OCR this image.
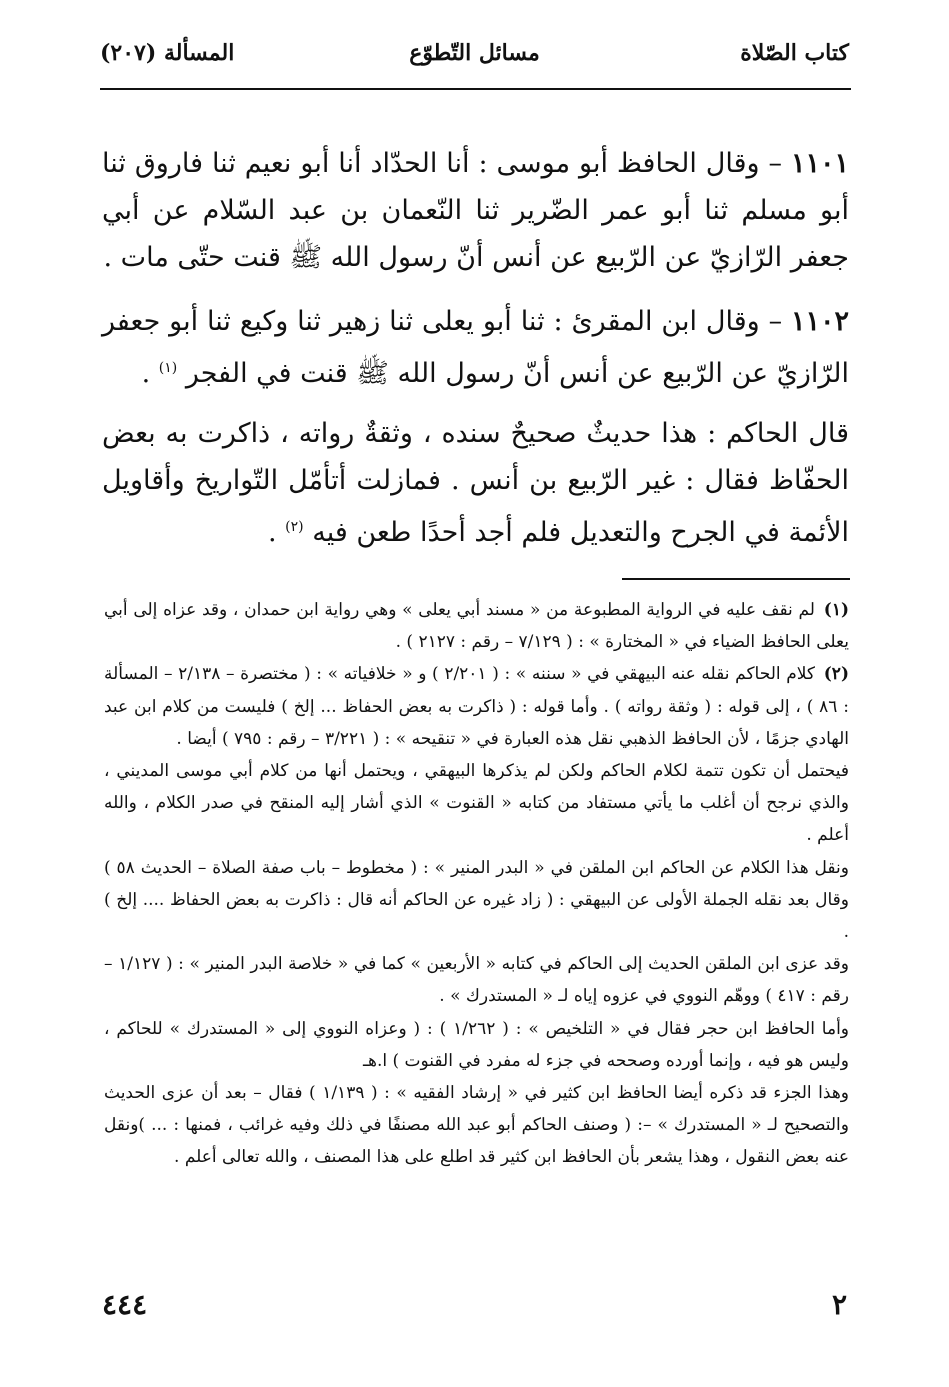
كتاب الصّلاة
مسائل التّطوّع
المسألة (٢٠٧)

١١٠١ – وقال الحافظ أبو موسى : أنا الحدّاد أنا أبو نعيم ثنا فاروق ثنا أبو مسلم ثنا أبو عمر الضّرير ثنا النّعمان بن عبد السّلام عن أبي جعفر الرّازيّ عن الرّبيع عن أنس أنّ رسول الله ﷺ قنت حتّى مات .

١١٠٢ – وقال ابن المقرئ : ثنا أبو يعلى ثنا زهير ثنا وكيع ثنا أبو جعفر الرّازيّ عن الرّبيع عن أنس أنّ رسول الله ﷺ قنت في الفجر $^{(١)}$ .

قال الحاكم : هذا حديثٌ صحيحٌ سنده ، وثقةٌ رواته ، ذاكرت به بعض الحفّاظ فقال : غير الرّبيع بن أنس . فمازلت أتأمّل التّواريخ وأقاويل الأئمة في الجرح والتعديل فلم أجد أحدًا طعن فيه $^{(٢)}$ .

(١)لم نقف عليه في الرواية المطبوعة من « مسند أبي يعلى » وهي رواية ابن حمدان ، وقد عزاه إلى أبي يعلى الحافظ الضياء في « المختارة » : ( ٧/١٢٩ – رقم : ٢١٢٧ ) .

(٢)كلام الحاكم نقله عنه البيهقي في « سننه » : ( ٢/٢٠١ ) و « خلافياته » : ( مختصرة – ٢/١٣٨ – المسألة : ٨٦ ) ، إلى قوله : ( وثقة رواته ) . وأما قوله : ( ذاكرت به بعض الحفاظ ... إلخ ) فليست من كلام ابن عبد الهادي جزمًا ، لأن الحافظ الذهبي نقل هذه العبارة في « تنقيحه » : ( ٣/٢٢١ – رقم : ٧٩٥ ) أيضا .

فيحتمل أن تكون تتمة لكلام الحاكم ولكن لم يذكرها البيهقي ، ويحتمل أنها من كلام أبي موسى المديني ، والذي نرجح أن أغلب ما يأتي مستفاد من كتابه « القنوت » الذي أشار إليه المنقح في صدر الكلام ، والله أعلم .

ونقل هذا الكلام عن الحاكم ابن الملقن في « البدر المنير » : ( مخطوط – باب صفة الصلاة – الحديث ٥٨ ) وقال بعد نقله الجملة الأولى عن البيهقي : ( زاد غيره عن الحاكم أنه قال : ذاكرت به بعض الحفاظ .... إلخ ) .

وقد عزى ابن الملقن الحديث إلى الحاكم في كتابه « الأربعين » كما في « خلاصة البدر المنير » : ( ١/١٢٧ – رقم : ٤١٧ ) ووهّم النووي في عزوه إياه لـ « المستدرك » .

وأما الحافظ ابن حجر فقال في « التلخيص » : ( ١/٢٦٢ ) : ( وعزاه النووي إلى « المستدرك » للحاكم ، وليس هو فيه ، وإنما أورده وصححه في جزء له مفرد في القنوت ) ا.هـ

وهذا الجزء قد ذكره أيضا الحافظ ابن كثير في « إرشاد الفقيه » : ( ١/١٣٩ ) فقال – بعد أن عزى الحديث والتصحيح لـ « المستدرك » –: ( وصنف الحاكم أبو عبد الله مصنفًا في ذلك وفيه غرائب ، فمنها : ... )ونقل عنه بعض النقول ، وهذا يشعر بأن الحافظ ابن كثير قد اطلع على هذا المصنف ، والله تعالى أعلم .

٢
٤٤٤
